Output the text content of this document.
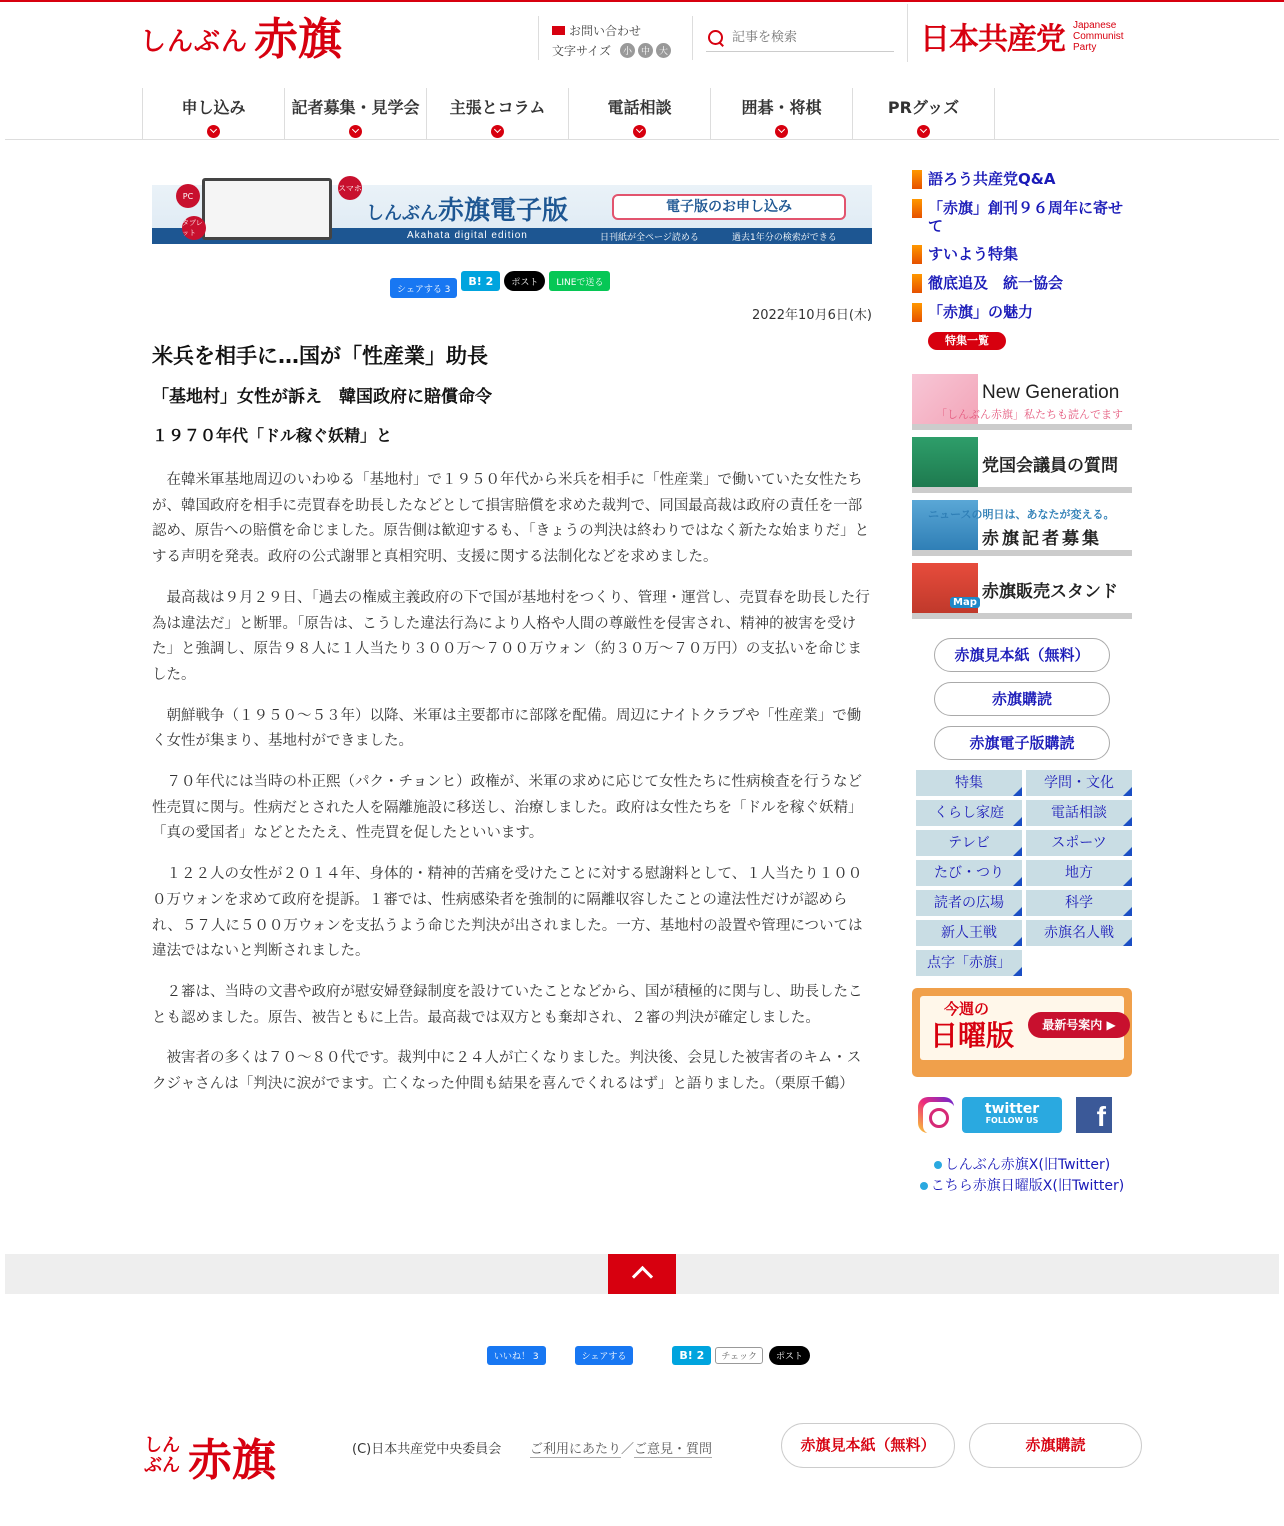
しんぶん 赤旗	お問い合わせ
文字サイズ	小 中 大
記事を検索	日本共産党 Japanese
Communist
Party
申し込み	記者募集・見学会	主張とコラム	電話相談	囲碁・将棋	PRグッズ
PC
スマホ
タブレット
しんぶん赤旗電子版
Akahata digital edition
電子版のお申し込み
日刊紙が全ページ読める	過去1年分の検索ができる
シェアする 3
B! 2	ポスト	LINEで送る
2022年10月6日(木)
米兵を相手に…国が「性産業」助長
「基地村」女性が訴え　韓国政府に賠償命令
１９７０年代「ドル稼ぐ妖精」と

在韓米軍基地周辺のいわゆる「基地村」で１９５０年代から米兵を相手に「性産業」で働いていた女性たちが、韓国政府を相手に売買春を助長したなどとして損害賠償を求めた裁判で、同国最高裁は政府の責任を一部認め、原告への賠償を命じました。原告側は歓迎するも、「きょうの判決は終わりではなく新たな始まりだ」とする声明を発表。政府の公式謝罪と真相究明、支援に関する法制化などを求めました。

最高裁は９月２９日、「過去の権威主義政府の下で国が基地村をつくり、管理・運営し、売買春を助長した行為は違法だ」と断罪。「原告は、こうした違法行為により人格や人間の尊厳性を侵害され、精神的被害を受けた」と強調し、原告９８人に１人当たり３００万～７００万ウォン（約３０万～７０万円）の支払いを命じました。

朝鮮戦争（１９５０～５３年）以降、米軍は主要都市に部隊を配備。周辺にナイトクラブや「性産業」で働く女性が集まり、基地村ができました。

７０年代には当時の朴正熙（パク・チョンヒ）政権が、米軍の求めに応じて女性たちに性病検査を行うなど性売買に関与。性病だとされた人を隔離施設に移送し、治療しました。政府は女性たちを「ドルを稼ぐ妖精」「真の愛国者」などとたたえ、性売買を促したといいます。

１２２人の女性が２０１４年、身体的・精神的苦痛を受けたことに対する慰謝料として、１人当たり１０００万ウォンを求めて政府を提訴。１審では、性病感染者を強制的に隔離収容したことの違法性だけが認められ、５７人に５００万ウォンを支払うよう命じた判決が出されました。一方、基地村の設置や管理については違法ではないと判断されました。

２審は、当時の文書や政府が慰安婦登録制度を設けていたことなどから、国が積極的に関与し、助長したことも認めました。原告、被告ともに上告。最高裁では双方とも棄却され、２審の判決が確定しました。

被害者の多くは７０～８０代です。裁判中に２４人が亡くなりました。判決後、会見した被害者のキム・スクジャさんは「判決に涙がでます。亡くなった仲間も結果を喜んでくれるはず」と語りました。（栗原千鶴）

語ろう共産党Q&A
「赤旗」創刊９６周年に寄せて
すいよう特集
徹底追及　統一協会
「赤旗」の魅力
特集一覧
New Generation
「しんぶん赤旗」私たちも読んでます
党国会議員の質問
ニュースの明日は、あなたが変える。
赤旗記者募集
Map
赤旗販売スタンド
赤旗見本紙（無料）
赤旗購読
赤旗電子版購読
特集	学問・文化
くらし家庭	電話相談
テレビ	スポーツ
たび・つり	地方
読者の広場	科学
新人王戦	赤旗名人戦
点字「赤旗」
今週の
日曜版	最新号案内 ▶
twitter
FOLLOW US	f
しんぶん赤旗X(旧Twitter)
こちら赤旗日曜版X(旧Twitter)
いいね！ 3	シェアする	B! 2	チェック	ポスト
しんぶん 赤旗	(C)日本共産党中央委員会 ご利用にあたり／ご意見・質問	赤旗見本紙（無料）	赤旗購読
